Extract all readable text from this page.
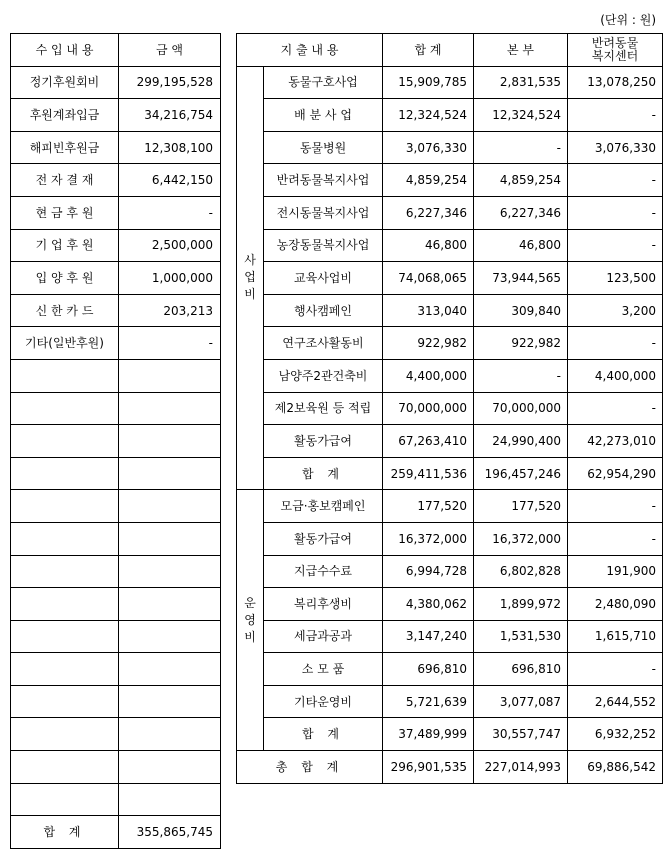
(단위 : 원)
수 입 내 용	금 액
정기후원회비	299,195,528
후원계좌입금	34,216,754
해피빈후원금	12,308,100
전 자 결 재	6,442,150
현 금 후 원	-
기 업 후 원	2,500,000
입 양 후 원	1,000,000
신 한 카 드	203,213
기타(일반후원)	-

합 계	355,865,745
지 출 내 용		합 계	본 부	반려동물
복지센터
사업비	동물구호사업	15,909,785	2,831,535	13,078,250
	배 분 사 업	12,324,524	12,324,524	-
	동물병원	3,076,330	-	3,076,330
	반려동물복지사업	4,859,254	4,859,254	-
	전시동물복지사업	6,227,346	6,227,346	-
	농장동물복지사업	46,800	46,800	-
	교육사업비	74,068,065	73,944,565	123,500
	행사캠페인	313,040	309,840	3,200
	연구조사활동비	922,982	922,982	-
	남양주2관건축비	4,400,000	-	4,400,000
	제2보육원 등 적립	70,000,000	70,000,000	-
	활동가급여	67,263,410	24,990,400	42,273,010
	합 계	259,411,536	196,457,246	62,954,290
운영비	모금·홍보캠페인	177,520	177,520	-
	활동가급여	16,372,000	16,372,000	-
	지급수수료	6,994,728	6,802,828	191,900
	복리후생비	4,380,062	1,899,972	2,480,090
	세금과공과	3,147,240	1,531,530	1,615,710
	소 모 품	696,810	696,810	-
	기타운영비	5,721,639	3,077,087	2,644,552
	합 계	37,489,999	30,557,747	6,932,252
총 합 계		296,901,535	227,014,993	69,886,542
